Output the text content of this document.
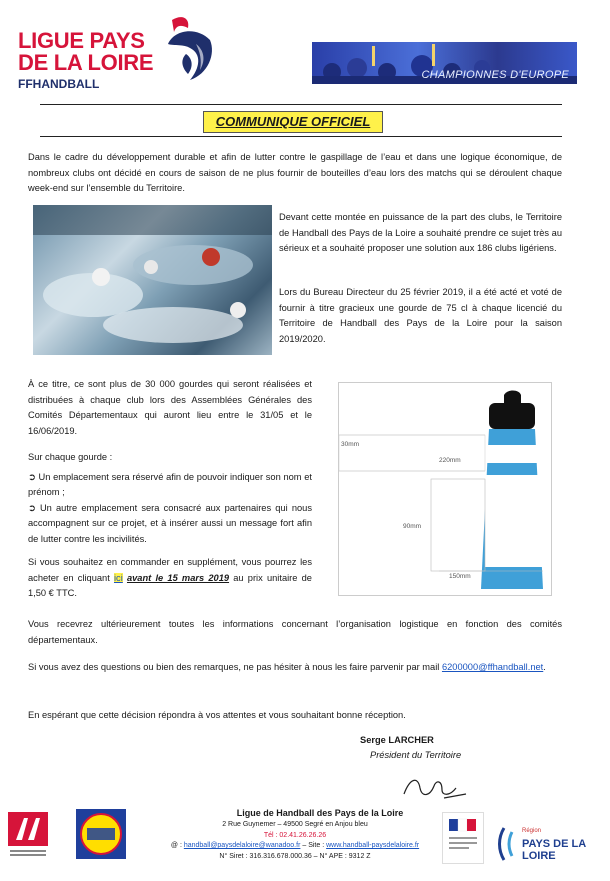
LIGUE PAYS
DE LA LOIRE
FFHANDBALL
CHAMPIONNES D'EUROPE
COMMUNIQUE OFFICIEL
Dans le cadre du développement durable et afin de lutter contre le gaspillage de l’eau et dans une logique économique, de nombreux clubs ont décidé en cours de saison de ne plus fournir de bouteilles d’eau lors des matchs qui se déroulent chaque week-end sur l’ensemble du Territoire.
Devant cette montée en puissance de la part des clubs, le Territoire de Handball des Pays de la Loire a souhaité prendre ce sujet très au sérieux et a souhaité proposer une solution aux 186 clubs ligériens.
Lors du Bureau Directeur du 25 février 2019, il a été acté et voté de fournir à titre gracieux une gourde de 75 cl à chaque licencié du Territoire de Handball des Pays de la Loire pour la saison 2019/2020.
À ce titre, ce sont plus de 30 000 gourdes qui seront réalisées et distribuées à chaque club lors des Assemblées Générales des Comités Départementaux qui auront lieu entre le 31/05 et le 16/06/2019.
Sur chaque gourde :
➲ Un emplacement sera réservé afin de pouvoir indiquer son nom et prénom ;
➲ Un autre emplacement sera consacré aux partenaires qui nous accompagnent sur ce projet, et à insérer aussi un message fort afin de lutter contre les incivilités.
Si vous souhaitez en commander en supplément, vous pourrez les acheter en cliquant ici avant le 15 mars 2019 au prix unitaire de 1,50 € TTC.
30mm
220mm
90mm
150mm
Vous recevrez ultérieurement toutes les informations concernant l’organisation logistique en fonction des comités départementaux.
Si vous avez des questions ou bien des remarques, ne pas hésiter à nous les faire parvenir par mail 6200000@ffhandball.net.
En espérant que cette décision répondra à vos attentes et vous souhaitant bonne réception.
Serge LARCHER
Président du Territoire
Ligue de Handball des Pays de la Loire
2 Rue Guynemer – 49500 Segré en Anjou bleu
Tél : 02.41.26.26.26
@ : handball@paysdelaloire@wanadoo.fr – Site : www.handball-paysdelaloire.fr
N° Siret : 316.316.678.000.36 – N° APE : 9312 Z
Région
PAYS DE LA LOIRE
